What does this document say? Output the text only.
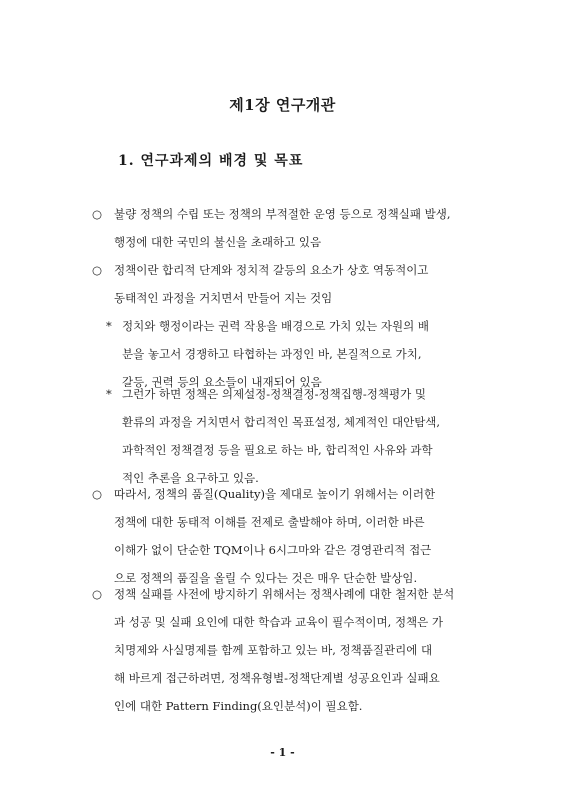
제1장 연구개관
1. 연구과제의 배경 및 목표
○	불량 정책의 수립 또는 정책의 부적절한 운영 등으로 정책실패 발생,
행정에 대한 국민의 불신을 초래하고 있음
○	정책이란 합리적 단계와 정치적 갈등의 요소가 상호 역동적이고
동태적인 과정을 거치면서 만들어 지는 것임
* 정치와 행정이라는 권력 작용을 배경으로 가치 있는 자원의 배
분을 놓고서 경쟁하고 타협하는 과정인 바, 본질적으로 가치,
갈등, 권력 등의 요소들이 내재되어 있음
* 그런가 하면 정책은 의제설정-정책결정-정책집행-정책평가 및
환류의 과정을 거치면서 합리적인 목표설정, 체계적인 대안탐색,
과학적인 정책결정 등을 필요로 하는 바, 합리적인 사유와 과학
적인 추론을 요구하고 있음.
○	따라서, 정책의 품질(Quality)을 제대로 높이기 위해서는 이러한
정책에 대한 동태적 이해를 전제로 출발해야 하며, 이러한 바른
이해가 없이 단순한 TQM이나 6시그마와 같은 경영관리적 접근
으로 정책의 품질을 올릴 수 있다는 것은 매우 단순한 발상임.
○	정책 실패를 사전에 방지하기 위해서는 정책사례에 대한 철저한 분석
과 성공 및 실패 요인에 대한 학습과 교육이 필수적이며, 정책은 가
치명제와 사실명제를 함께 포함하고 있는 바, 정책품질관리에 대
해 바르게 접근하려면, 정책유형별-정책단계별 성공요인과 실패요
인에 대한 Pattern Finding(요인분석)이 필요함.
- 1 -
